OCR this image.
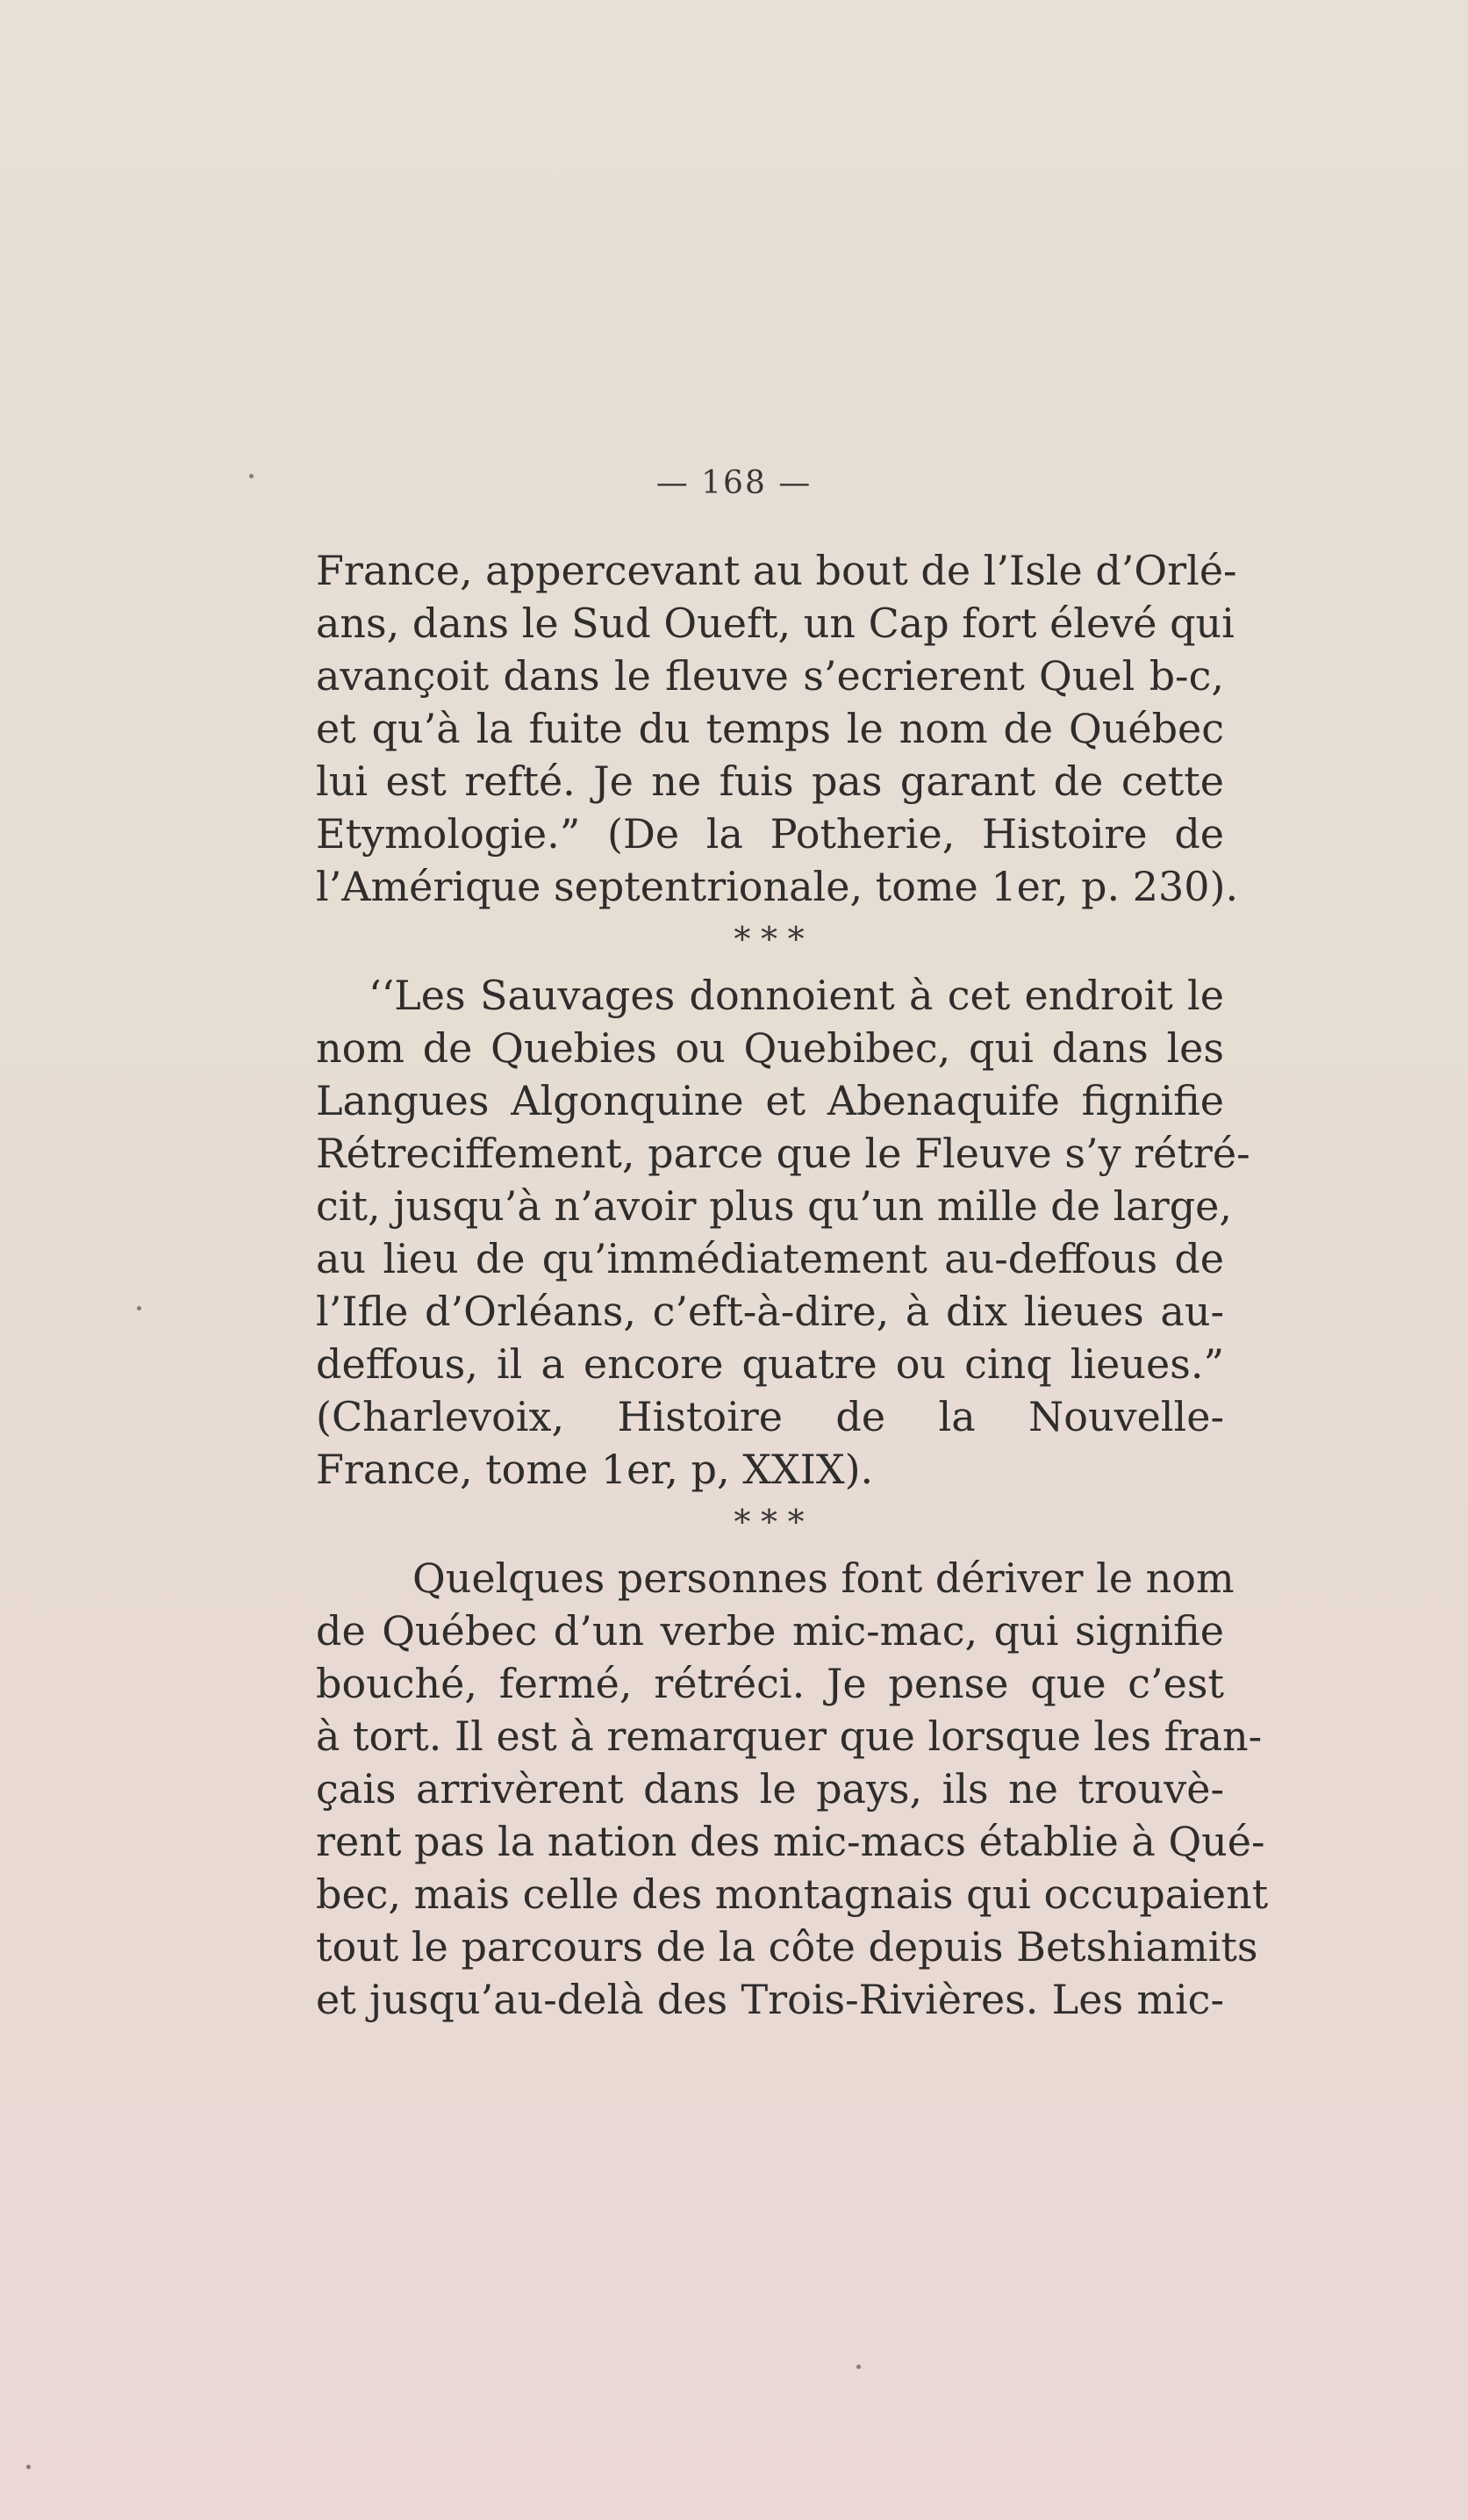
— 168 —
France, appercevant au bout de l’Isle d’Orlé-
ans, dans le Sud Oueft, un Cap fort élevé qui
avançoit dans le fleuve s’ecrierent Quel b-c,
et qu’à la fuite du temps le nom de Québec
lui est refté. Je ne fuis pas garant de cette
Etymologie.” (De la Potherie, Histoire de
l’Amérique septentrionale, tome 1er, p. 230).
* * *
‘‘Les Sauvages donnoient à cet endroit le
nom de Quebies ou Quebibec, qui dans les
Langues Algonquine et Abenaquife fignifie
Rétreciffement, parce que le Fleuve s’y rétré-
cit, jusqu’à n’avoir plus qu’un mille de large,
au lieu de qu’immédiatement au-deffous de
l’Ifle d’Orléans, c’eft-à-dire, à dix lieues au-
deffous, il a encore quatre ou cinq lieues.”
(Charlevoix, Histoire de la Nouvelle-
France, tome 1er, p, XXIX).
* * *
Quelques personnes font dériver le nom
de Québec d’un verbe mic-mac, qui signifie
bouché, fermé, rétréci. Je pense que c’est
à tort. Il est à remarquer que lorsque les fran-
çais arrivèrent dans le pays, ils ne trouvè-
rent pas la nation des mic-macs établie à Qué-
bec, mais celle des montagnais qui occupaient
tout le parcours de la côte depuis Betshiamits
et jusqu’au-delà des Trois-Rivières. Les mic-
